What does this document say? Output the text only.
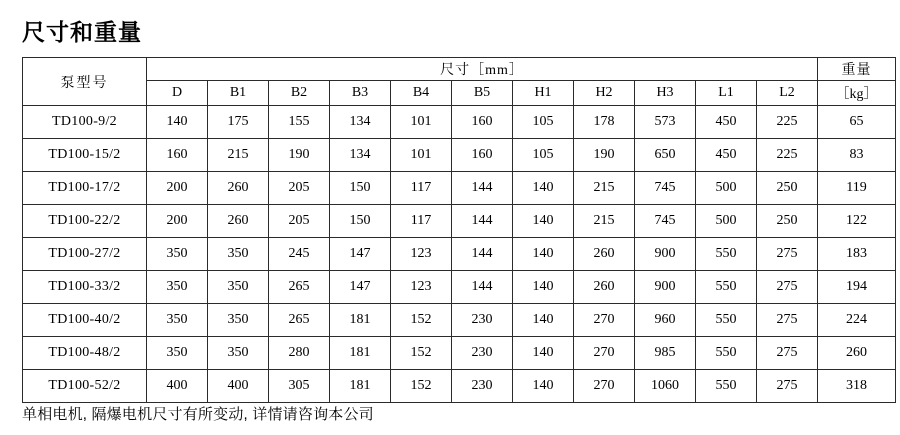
尺寸和重量
泵型号	尺寸［mm］											重量
	D	B1	B2	B3	B4	B5	H1	H2	H3	L1	L2	［kg］
TD100-9/2	140	175	155	134	101	160	105	178	573	450	225	65
TD100-15/2	160	215	190	134	101	160	105	190	650	450	225	83
TD100-17/2	200	260	205	150	117	144	140	215	745	500	250	119
TD100-22/2	200	260	205	150	117	144	140	215	745	500	250	122
TD100-27/2	350	350	245	147	123	144	140	260	900	550	275	183
TD100-33/2	350	350	265	147	123	144	140	260	900	550	275	194
TD100-40/2	350	350	265	181	152	230	140	270	960	550	275	224
TD100-48/2	350	350	280	181	152	230	140	270	985	550	275	260
TD100-52/2	400	400	305	181	152	230	140	270	1060	550	275	318
单相电机, 隔爆电机尺寸有所变动, 详情请咨询本公司
